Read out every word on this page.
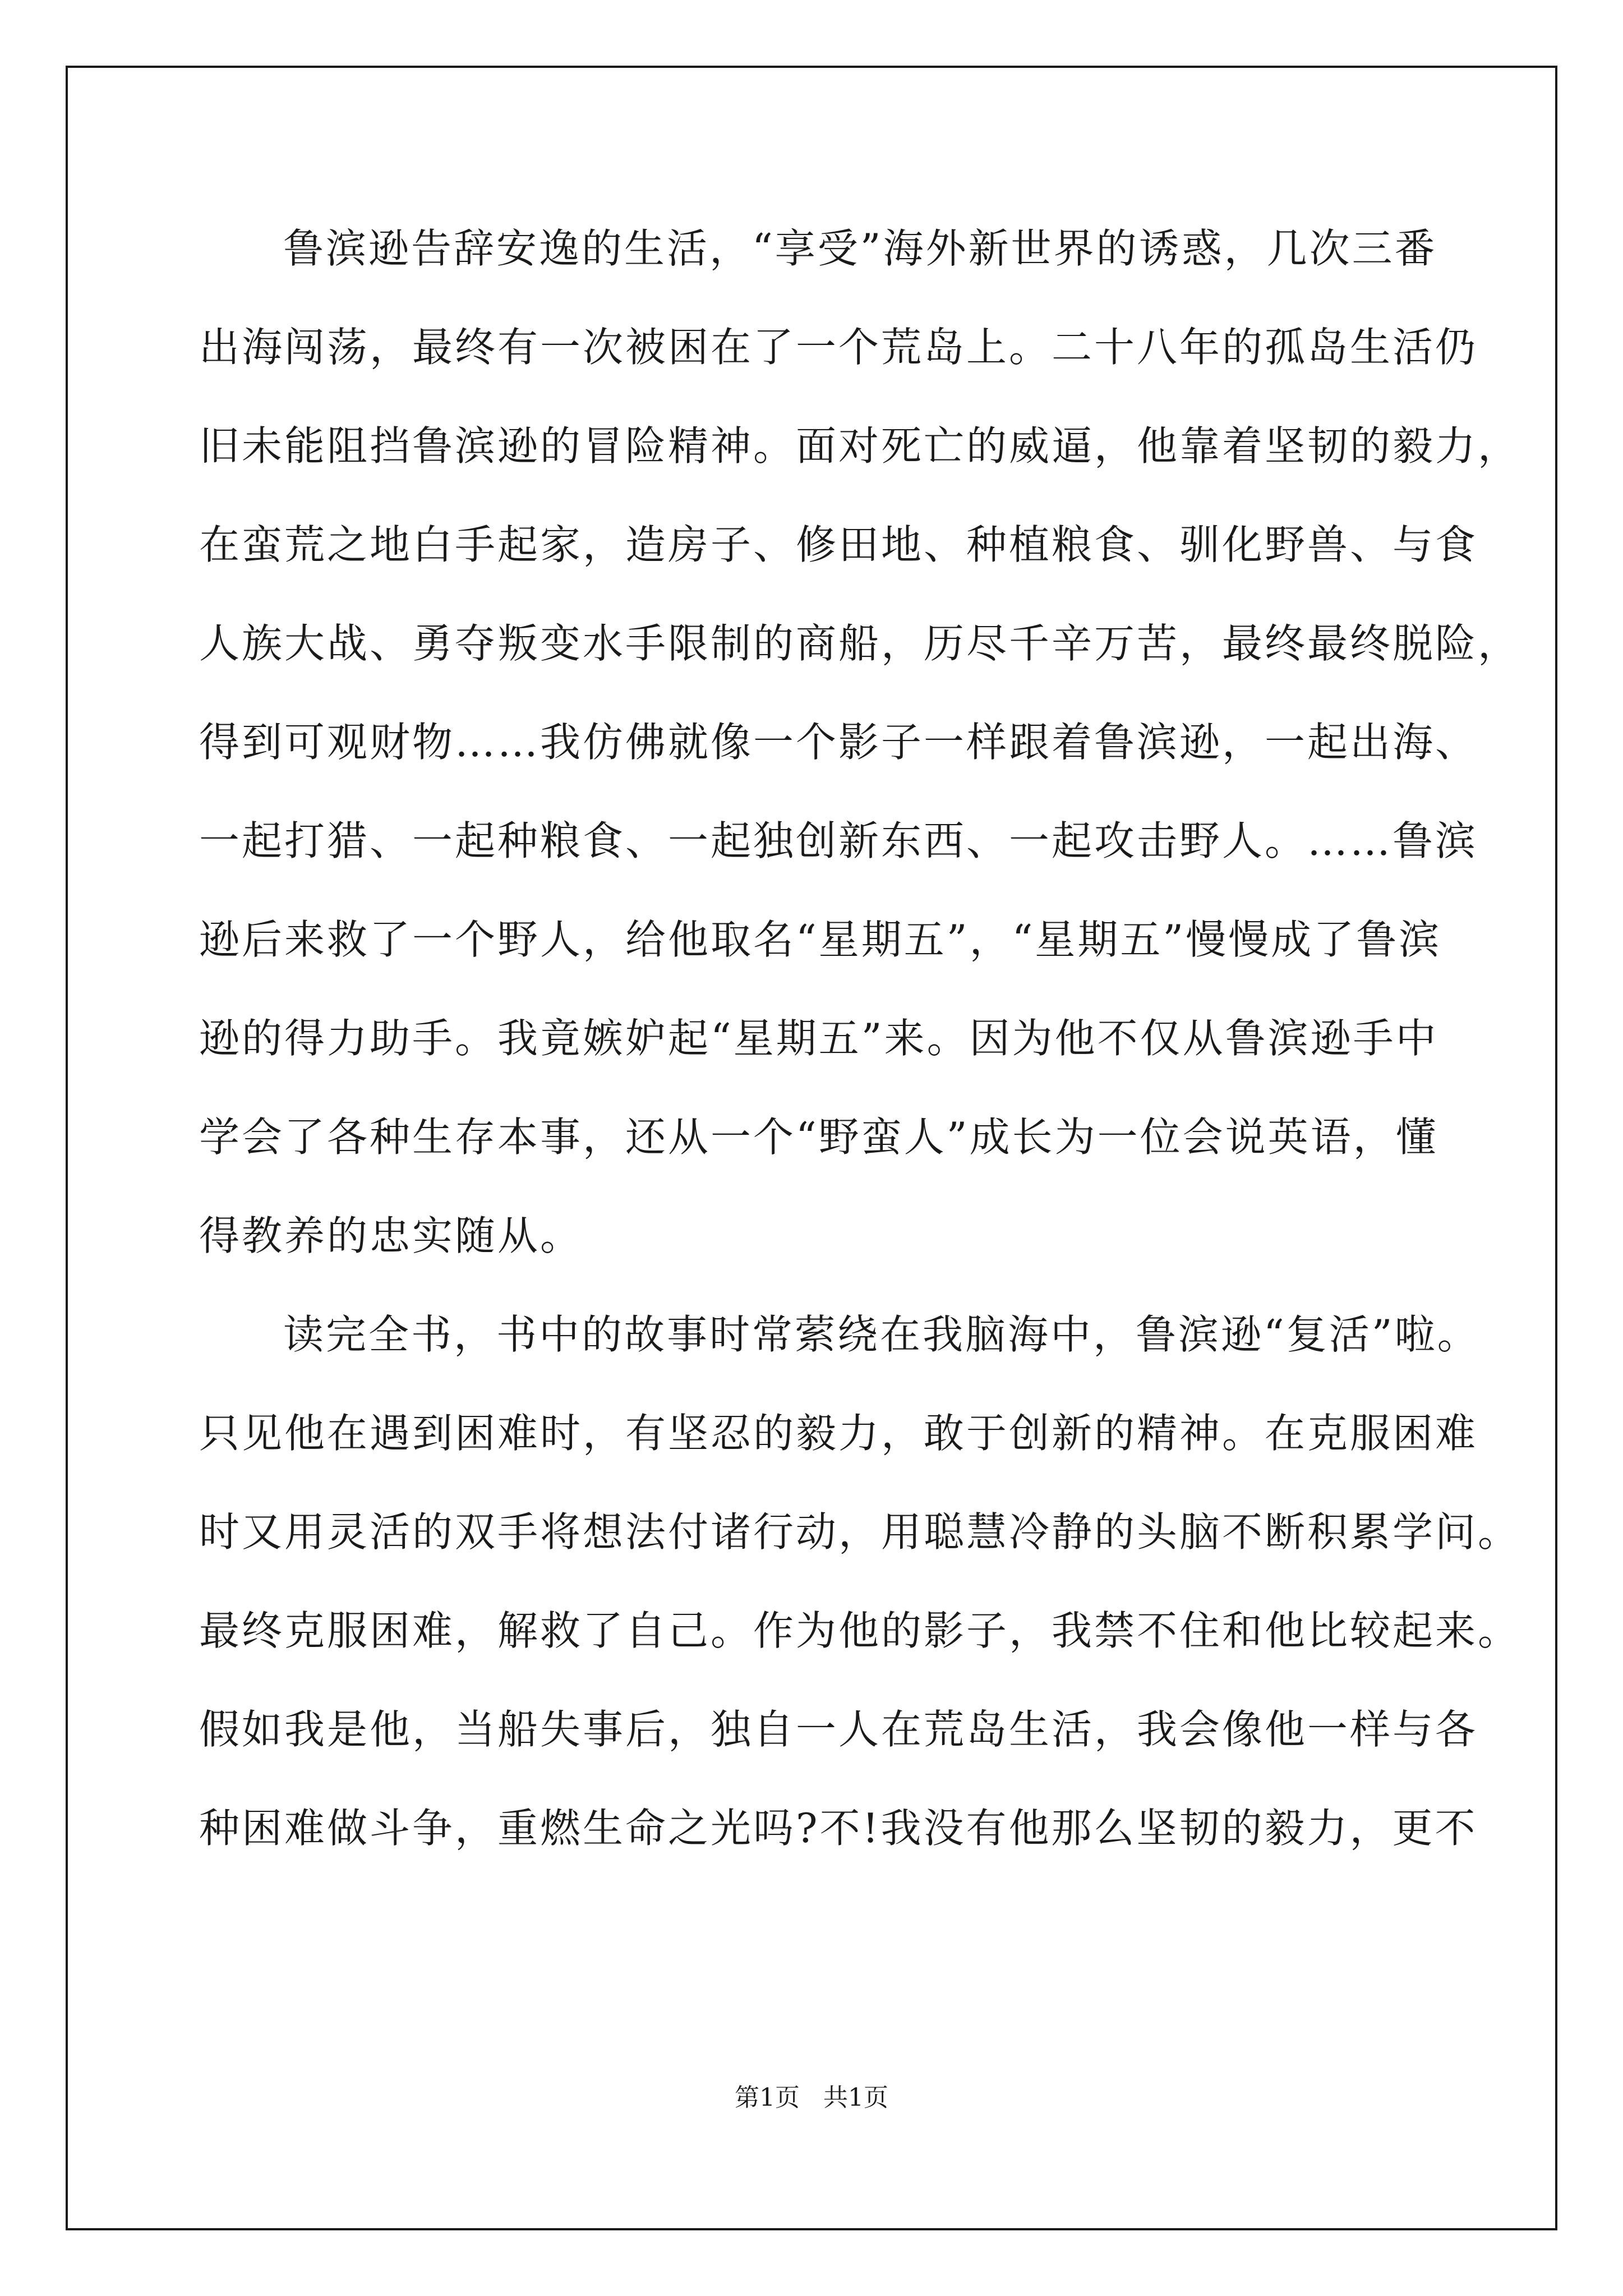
鲁滨逊告辞安逸的生活，“享受”海外新世界的诱惑，几次三番
出海闯荡，最终有一次被困在了一个荒岛上。二十八年的孤岛生活仍
旧未能阻挡鲁滨逊的冒险精神。面对死亡的威逼，他靠着坚韧的毅力，
在蛮荒之地白手起家，造房子、修田地、种植粮食、驯化野兽、与食
人族大战、勇夺叛变水手限制的商船，历尽千辛万苦，最终最终脱险，
得到可观财物……我仿佛就像一个影子一样跟着鲁滨逊，一起出海、
一起打猎、一起种粮食、一起独创新东西、一起攻击野人。……鲁滨
逊后来救了一个野人，给他取名“星期五”，“星期五”慢慢成了鲁滨
逊的得力助手。我竟嫉妒起“星期五”来。因为他不仅从鲁滨逊手中
学会了各种生存本事，还从一个“野蛮人”成长为一位会说英语，懂
得教养的忠实随从。
读完全书，书中的故事时常萦绕在我脑海中，鲁滨逊“复活”啦。
只见他在遇到困难时，有坚忍的毅力，敢于创新的精神。在克服困难
时又用灵活的双手将想法付诸行动，用聪慧冷静的头脑不断积累学问。
最终克服困难，解救了自己。作为他的影子，我禁不住和他比较起来。
假如我是他，当船失事后，独自一人在荒岛生活，我会像他一样与各
种困难做斗争，重燃生命之光吗?不!我没有他那么坚韧的毅力，更不
第1页   共1页
